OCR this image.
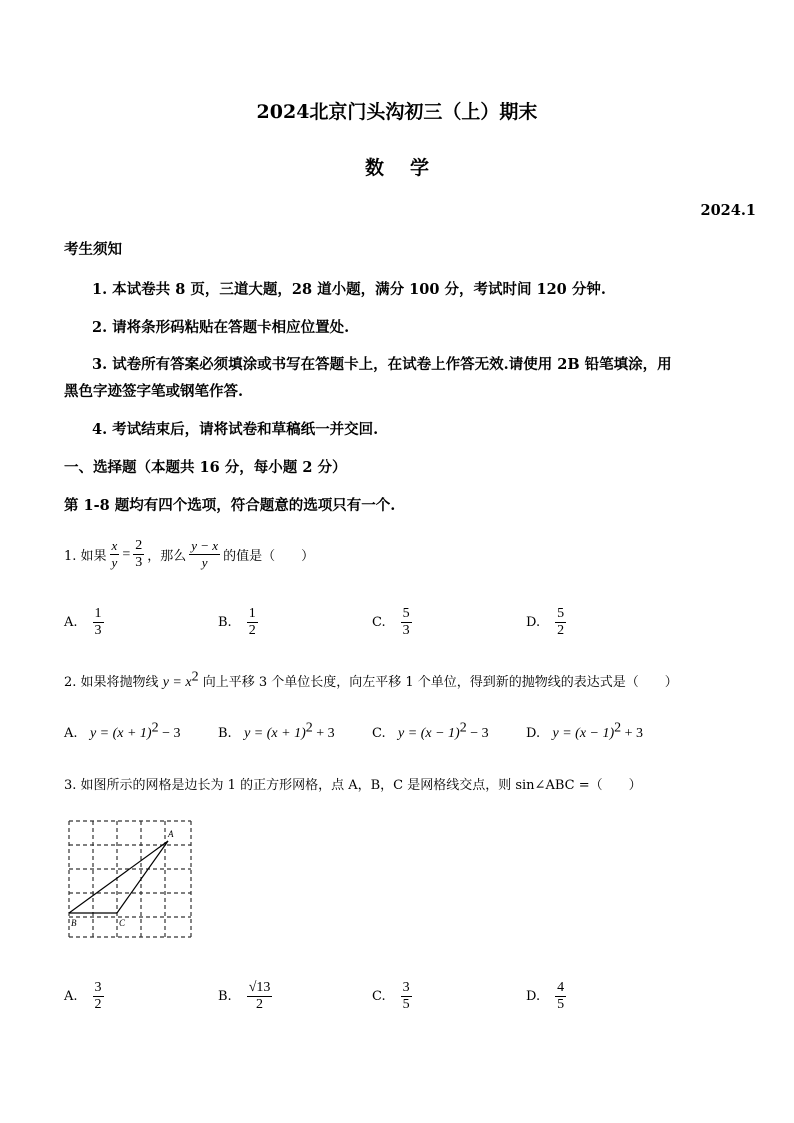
2024北京门头沟初三（上）期末
数学
2024.1
考生须知
1. 本试卷共 8 页，三道大题，28 道小题，满分 100 分，考试时间 120 分钟.
2. 请将条形码粘贴在答题卡相应位置处.
3. 试卷所有答案必须填涂或书写在答题卡上，在试卷上作答无效.请使用 2B 铅笔填涂，用
黑色字迹签字笔或钢笔作答.
4. 考试结束后，请将试卷和草稿纸一并交回.
一、选择题（本题共 16 分，每小题 2 分）
第 1-8 题均有四个选项，符合题意的选项只有一个.
1. 如果 $\frac{x}{y} = \frac{2}{3}$ ，那么 $\frac{y - x}{y}$ 的值是（　　）
A. $\frac{1}{3}$	B. $\frac{1}{2}$	C. $\frac{5}{3}$	D. $\frac{5}{2}$
2. 如果将抛物线 $y = x^2$ 向上平移 3 个单位长度，向左平移 1 个单位，得到新的抛物线的表达式是（　　）
A. $y = (x + 1)^2 - 3$	B. $y = (x + 1)^2 + 3$	C. $y = (x - 1)^2 - 3$	D. $y = (x - 1)^2 + 3$
3. 如图所示的网格是边长为 1 的正方形网格，点 A，B，C 是网格线交点，则 sin∠ABC =（　　）
A
B	C
A. $\frac{3}{2}$	B. $\frac{√13}{2}$	C. $\frac{3}{5}$	D. $\frac{4}{5}$
